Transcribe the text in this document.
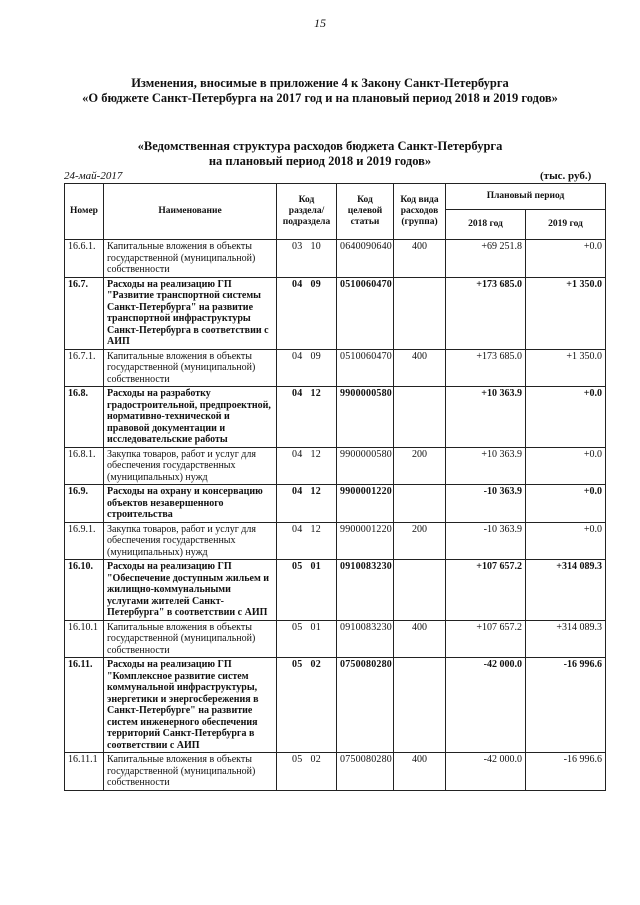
15
Изменения, вносимые в приложение 4 к Закону Санкт-Петербурга
«О бюджете Санкт-Петербурга на 2017 год и на плановый период 2018 и 2019 годов»
«Ведомственная структура расходов бюджета Санкт-Петербурга
на плановый период 2018 и 2019 годов»
24-май-2017	(тыс. руб.)
Номер	Наименование	Код раздела/ подраздела	Код целевой статьи	Код вида расходов (группа)	Плановый период	
					2018 год	2019 год
16.6.1.	Капитальные вложения в объекты государственной (муниципальной) собственности	03 10	0640090640	400	+69 251.8	+0.0
16.7.	Расходы на реализацию ГП "Развитие транспортной системы Санкт-Петербурга" на развитие транспортной инфраструктуры Санкт-Петербурга в соответствии с АИП	04 09	0510060470		+173 685.0	+1 350.0
16.7.1.	Капитальные вложения в объекты государственной (муниципальной) собственности	04 09	0510060470	400	+173 685.0	+1 350.0
16.8.	Расходы на разработку градостроительной, предпроектной, нормативно-технической и правовой документации и исследовательские работы	04 12	9900000580		+10 363.9	+0.0
16.8.1.	Закупка товаров, работ и услуг для обеспечения государственных (муниципальных) нужд	04 12	9900000580	200	+10 363.9	+0.0
16.9.	Расходы на охрану и консервацию объектов незавершенного строительства	04 12	9900001220		-10 363.9	+0.0
16.9.1.	Закупка товаров, работ и услуг для обеспечения государственных (муниципальных) нужд	04 12	9900001220	200	-10 363.9	+0.0
16.10.	Расходы на реализацию ГП "Обеспечение доступным жильем и жилищно-коммунальными услугами жителей Санкт-Петербурга" в соответствии с АИП	05 01	0910083230		+107 657.2	+314 089.3
16.10.1	Капитальные вложения в объекты государственной (муниципальной) собственности	05 01	0910083230	400	+107 657.2	+314 089.3
16.11.	Расходы на реализацию ГП "Комплексное развитие систем коммунальной инфраструктуры, энергетики и энергосбережения в Санкт-Петербурге" на развитие систем инженерного обеспечения территорий Санкт-Петербурга в соответствии с АИП	05 02	0750080280		-42 000.0	-16 996.6
16.11.1	Капитальные вложения в объекты государственной (муниципальной) собственности	05 02	0750080280	400	-42 000.0	-16 996.6
